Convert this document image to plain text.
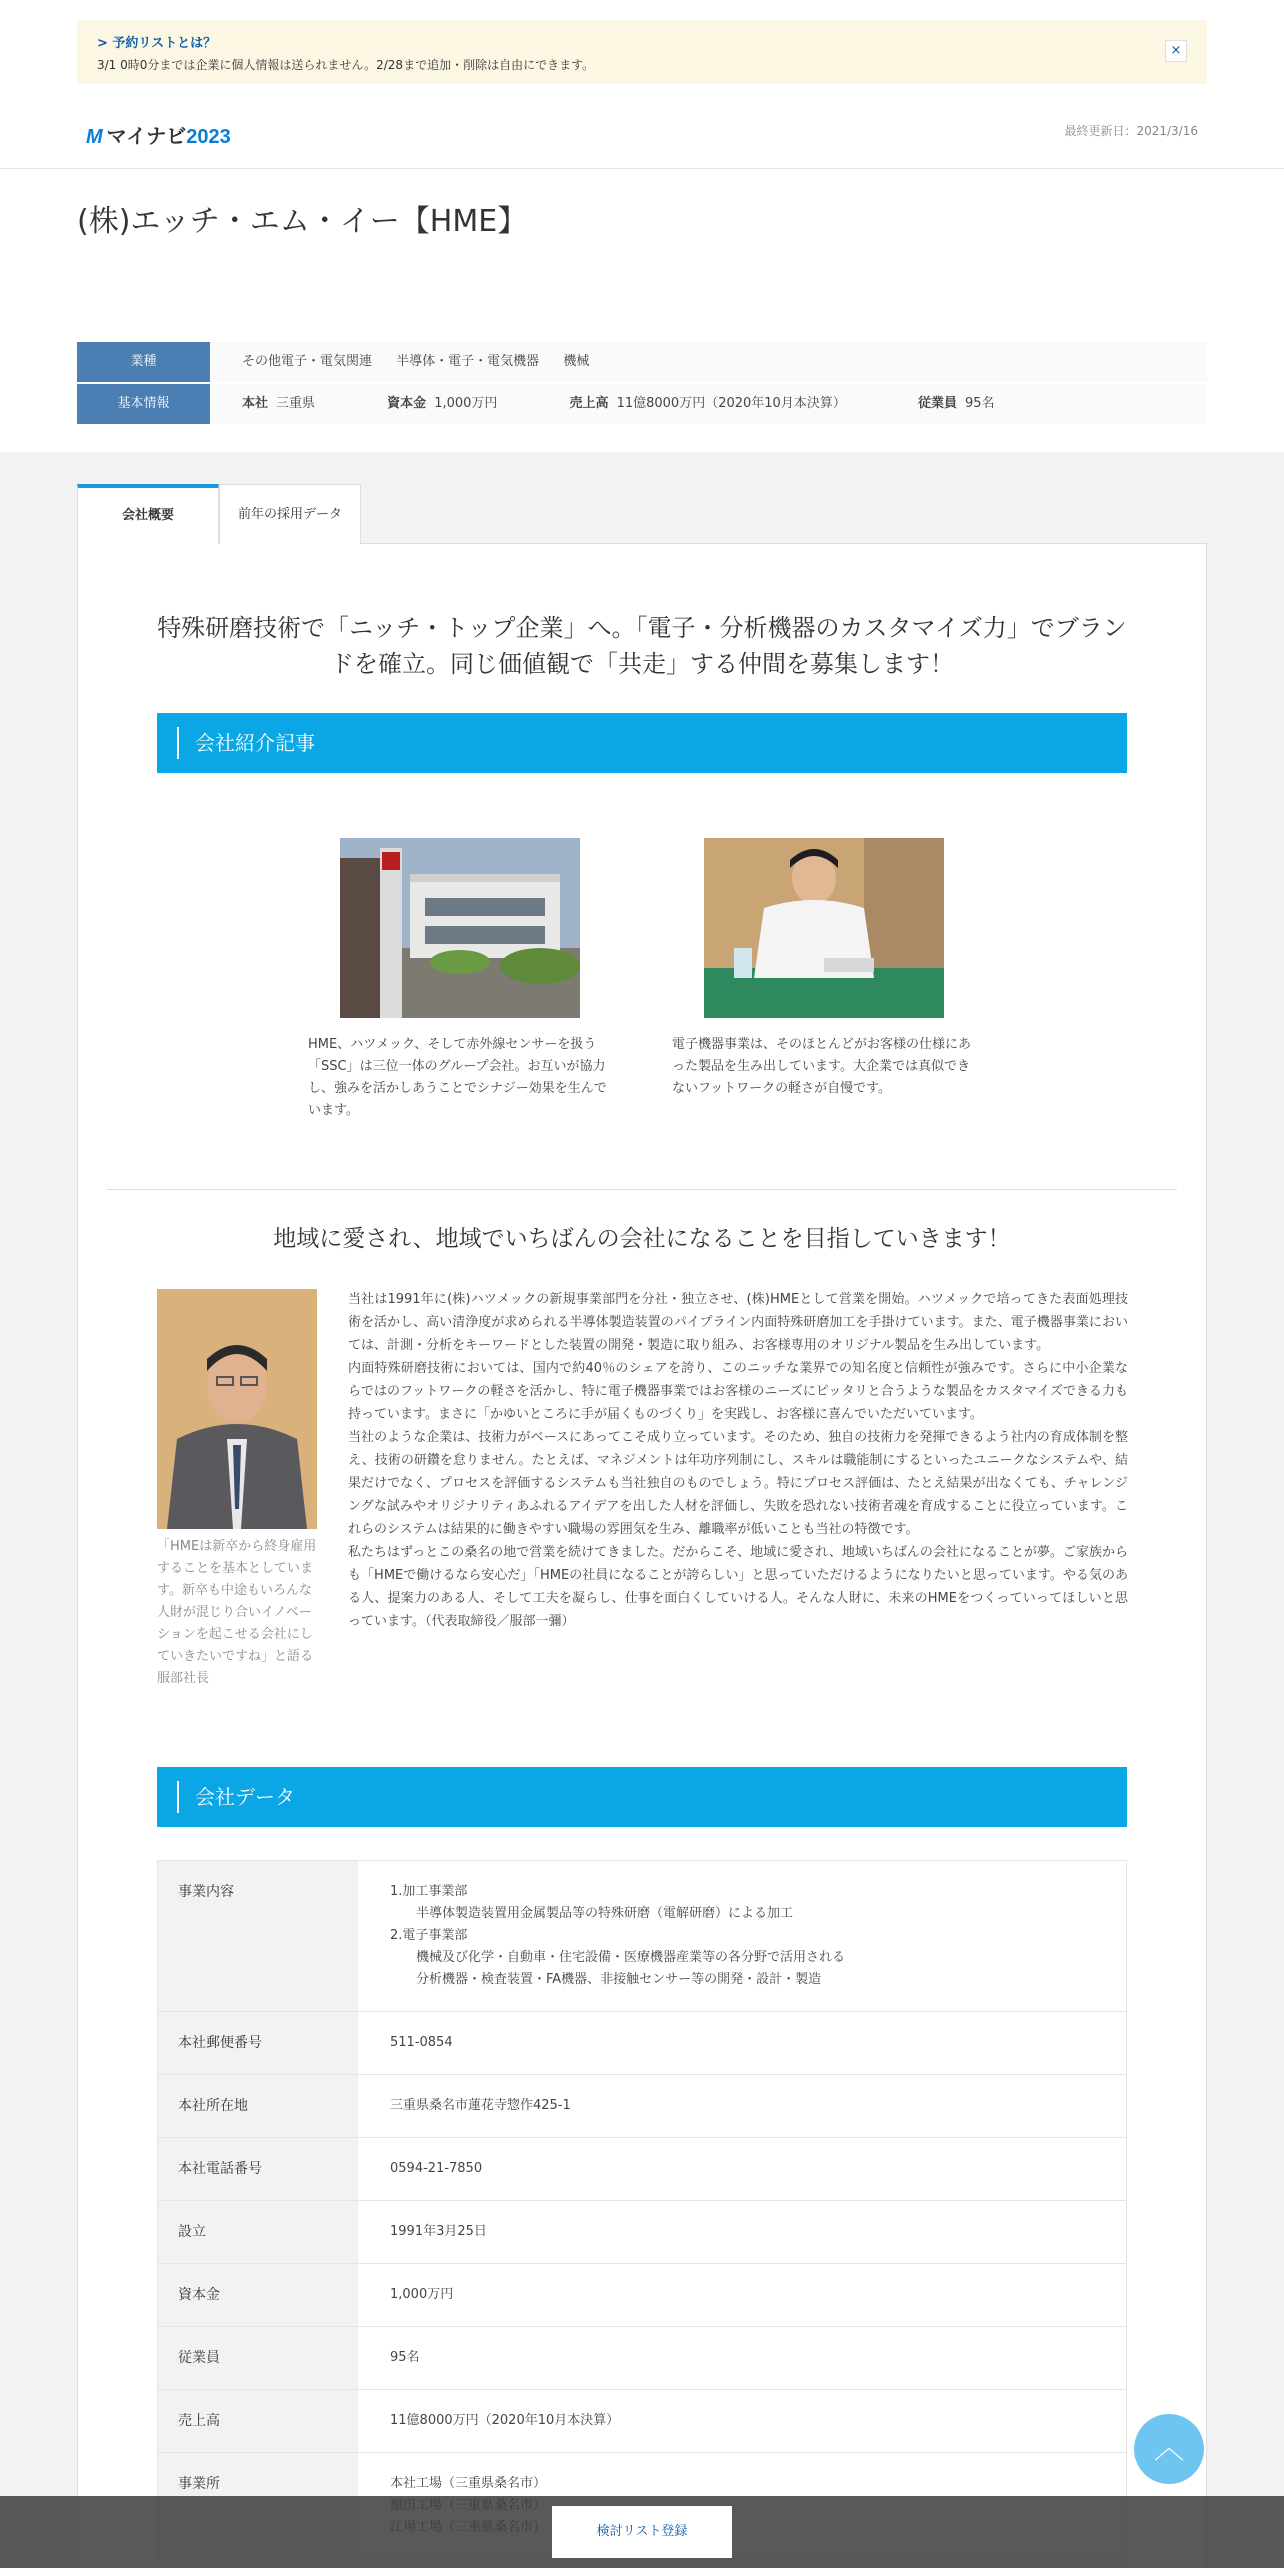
> 予約リストとは？
3/1 0時0分までは企業に個人情報は送られません。2/28まで追加・削除は自由にできます。
×
M マイナビ2023	最終更新日：2021/3/16
(株)エッチ・エム・イー【HME】
業種	その他電子・電気関連 半導体・電子・電気機器 機械
基本情報	本社 三重県	資本金 1,000万円	売上高 11億8000万円（2020年10月本決算）	従業員 95名
会社概要	前年の採用データ
特殊研磨技術で「ニッチ・トップ企業」へ。「電子・分析機器のカスタマイズ力」でブランドを確立。同じ価値観で「共走」する仲間を募集します！
会社紹介記事

HME、ハツメック、そして赤外線センサーを扱う「SSC」は三位一体のグループ会社。お互いが協力し、強みを活かしあうことでシナジー効果を生んでいます。

電子機器事業は、そのほとんどがお客様の仕様にあった製品を生み出しています。大企業では真似できないフットワークの軽さが自慢です。

地域に愛され、地域でいちばんの会社になることを目指していきます！
「HMEは新卒から終身雇用することを基本としています。新卒も中途もいろんな人財が混じり合いイノベーションを起こせる会社にしていきたいですね」と語る服部社長

当社は1991年に(株)ハツメックの新規事業部門を分社・独立させ、(株)HMEとして営業を開始。ハツメックで培ってきた表面処理技術を活かし、高い清浄度が求められる半導体製造装置のパイプライン内面特殊研磨加工を手掛けています。また、電子機器事業においては、計測・分析をキーワードとした装置の開発・製造に取り組み、お客様専用のオリジナル製品を生み出しています。

内面特殊研磨技術においては、国内で約40％のシェアを誇り、このニッチな業界での知名度と信頼性が強みです。さらに中小企業ならではのフットワークの軽さを活かし、特に電子機器事業ではお客様のニーズにピッタリと合うような製品をカスタマイズできる力も持っています。まさに「かゆいところに手が届くものづくり」を実践し、お客様に喜んでいただいています。

当社のような企業は、技術力がベースにあってこそ成り立っています。そのため、独自の技術力を発揮できるよう社内の育成体制を整え、技術の研鑽を怠りません。たとえば、マネジメントは年功序列制にし、スキルは職能制にするといったユニークなシステムや、結果だけでなく、プロセスを評価するシステムも当社独自のものでしょう。特にプロセス評価は、たとえ結果が出なくても、チャレンジングな試みやオリジナリティあふれるアイデアを出した人材を評価し、失敗を恐れない技術者魂を育成することに役立っています。これらのシステムは結果的に働きやすい職場の雰囲気を生み、離職率が低いことも当社の特徴です。

私たちはずっとこの桑名の地で営業を続けてきました。だからこそ、地域に愛され、地域いちばんの会社になることが夢。ご家族からも「HMEで働けるなら安心だ」「HMEの社員になることが誇らしい」と思っていただけるようになりたいと思っています。やる気のある人、提案力のある人、そして工夫を凝らし、仕事を面白くしていける人。そんな人財に、未来のHMEをつくっていってほしいと思っています。（代表取締役／服部一彌）

会社データ
事業内容	1.加工事業部
　　半導体製造装置用金属製品等の特殊研磨（電解研磨）による加工
2.電子事業部
　　機械及び化学・自動車・住宅設備・医療機器産業等の各分野で活用される
　　分析機器・検査装置・FA機器、非接触センサー等の開発・設計・製造
本社郵便番号	511-0854
本社所在地	三重県桑名市蓮花寺惣作425-1
本社電話番号	0594-21-7850
設立	1991年3月25日
資本金	1,000万円
従業員	95名
売上高	11億8000万円（2020年10月本決算）
事業所	本社工場（三重県桑名市）
検討リスト登録
︿
